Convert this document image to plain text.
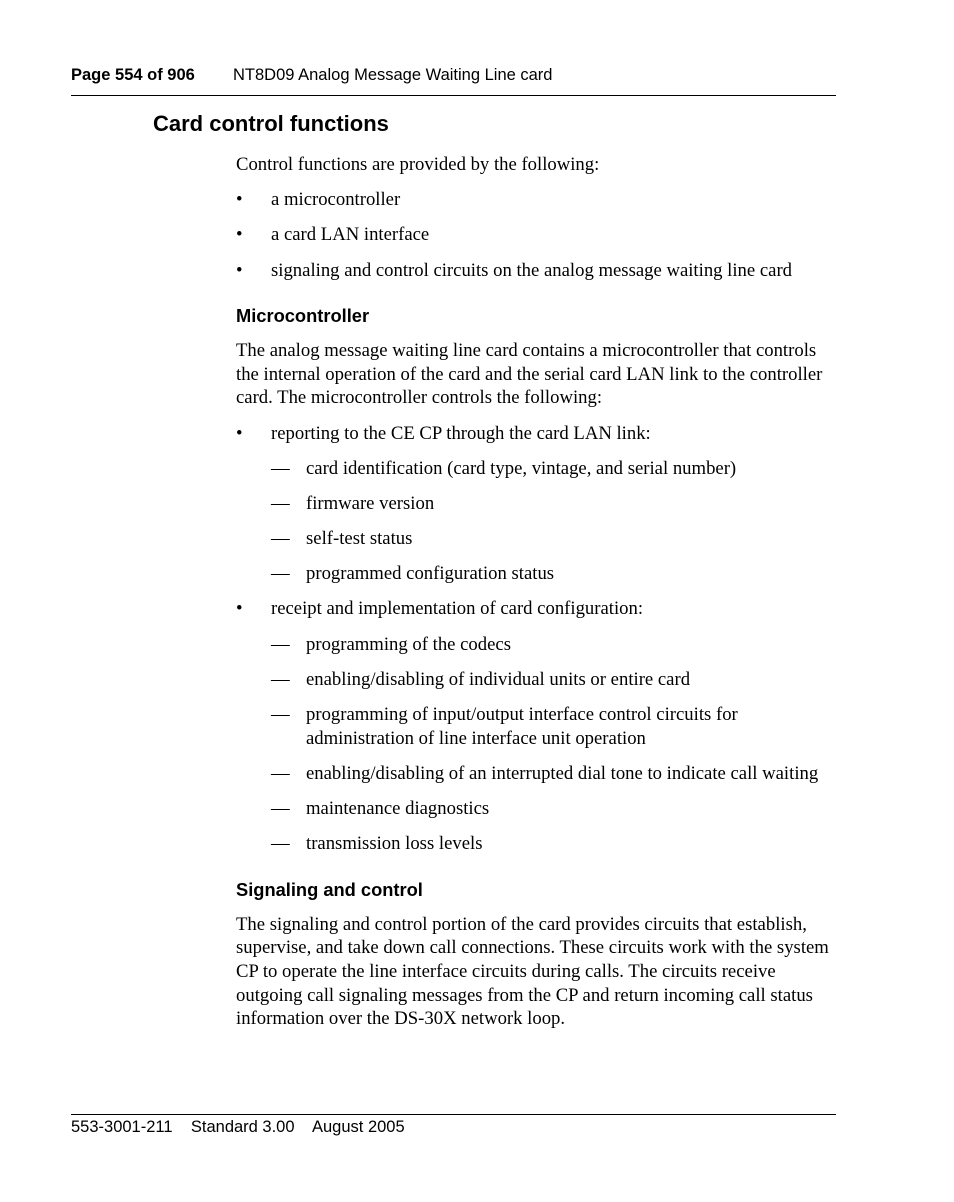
Page 554 of 906 NT8D09 Analog Message Waiting Line card
Card control functions

Control functions are provided by the following:

• a microcontroller
• a card LAN interface
• signaling and control circuits on the analog message waiting line card
Microcontroller

The analog message waiting line card contains a microcontroller that controls the internal operation of the card and the serial card LAN link to the controller card. The microcontroller controls the following:

• reporting to the CE CP through the card LAN link:
— card identification (card type, vintage, and serial number)
— firmware version
— self-test status
— programmed configuration status
• receipt and implementation of card configuration:
— programming of the codecs
— enabling/disabling of individual units or entire card
— programming of input/output interface control circuits for administration of line interface unit operation
— enabling/disabling of an interrupted dial tone to indicate call waiting
— maintenance diagnostics
— transmission loss levels
Signaling and control

The signaling and control portion of the card provides circuits that establish, supervise, and take down call connections. These circuits work with the system CP to operate the line interface circuits during calls. The circuits receive outgoing call signaling messages from the CP and return incoming call status information over the DS-30X network loop.

553-3001-211 Standard 3.00 August 2005
